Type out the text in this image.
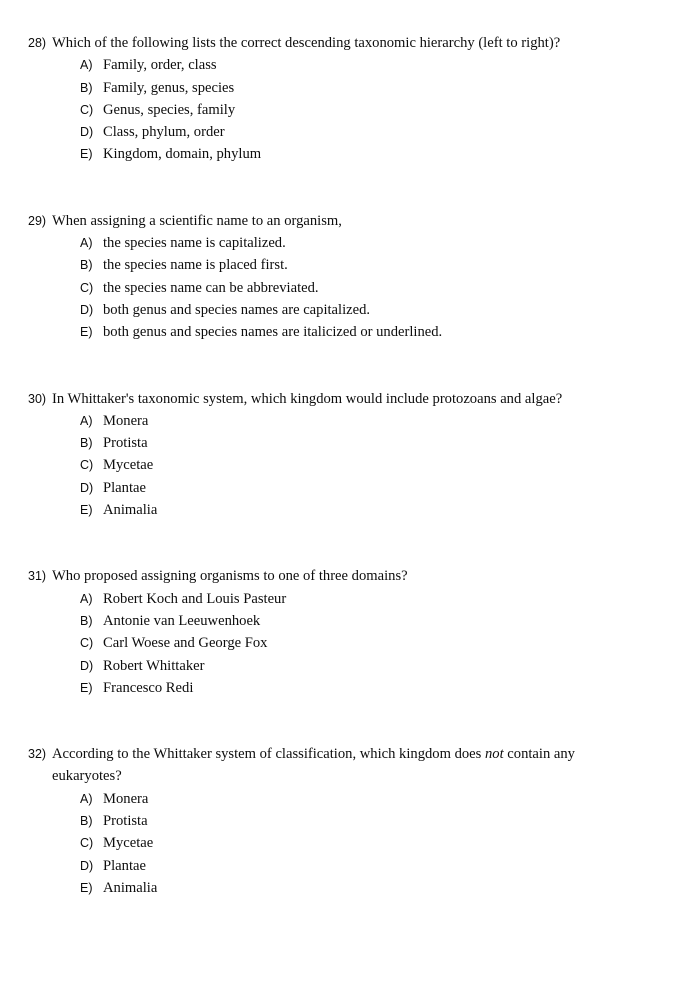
28) Which of the following lists the correct descending taxonomic hierarchy (left to right)?
A) Family, order, class
B) Family, genus, species
C) Genus, species, family
D) Class, phylum, order
E) Kingdom, domain, phylum
29) When assigning a scientific name to an organism,
A) the species name is capitalized.
B) the species name is placed first.
C) the species name can be abbreviated.
D) both genus and species names are capitalized.
E) both genus and species names are italicized or underlined.
30) In Whittaker's taxonomic system, which kingdom would include protozoans and algae?
A) Monera
B) Protista
C) Mycetae
D) Plantae
E) Animalia
31) Who proposed assigning organisms to one of three domains?
A) Robert Koch and Louis Pasteur
B) Antonie van Leeuwenhoek
C) Carl Woese and George Fox
D) Robert Whittaker
E) Francesco Redi
32) According to the Whittaker system of classification, which kingdom does not contain any
eukaryotes?
A) Monera
B) Protista
C) Mycetae
D) Plantae
E) Animalia
